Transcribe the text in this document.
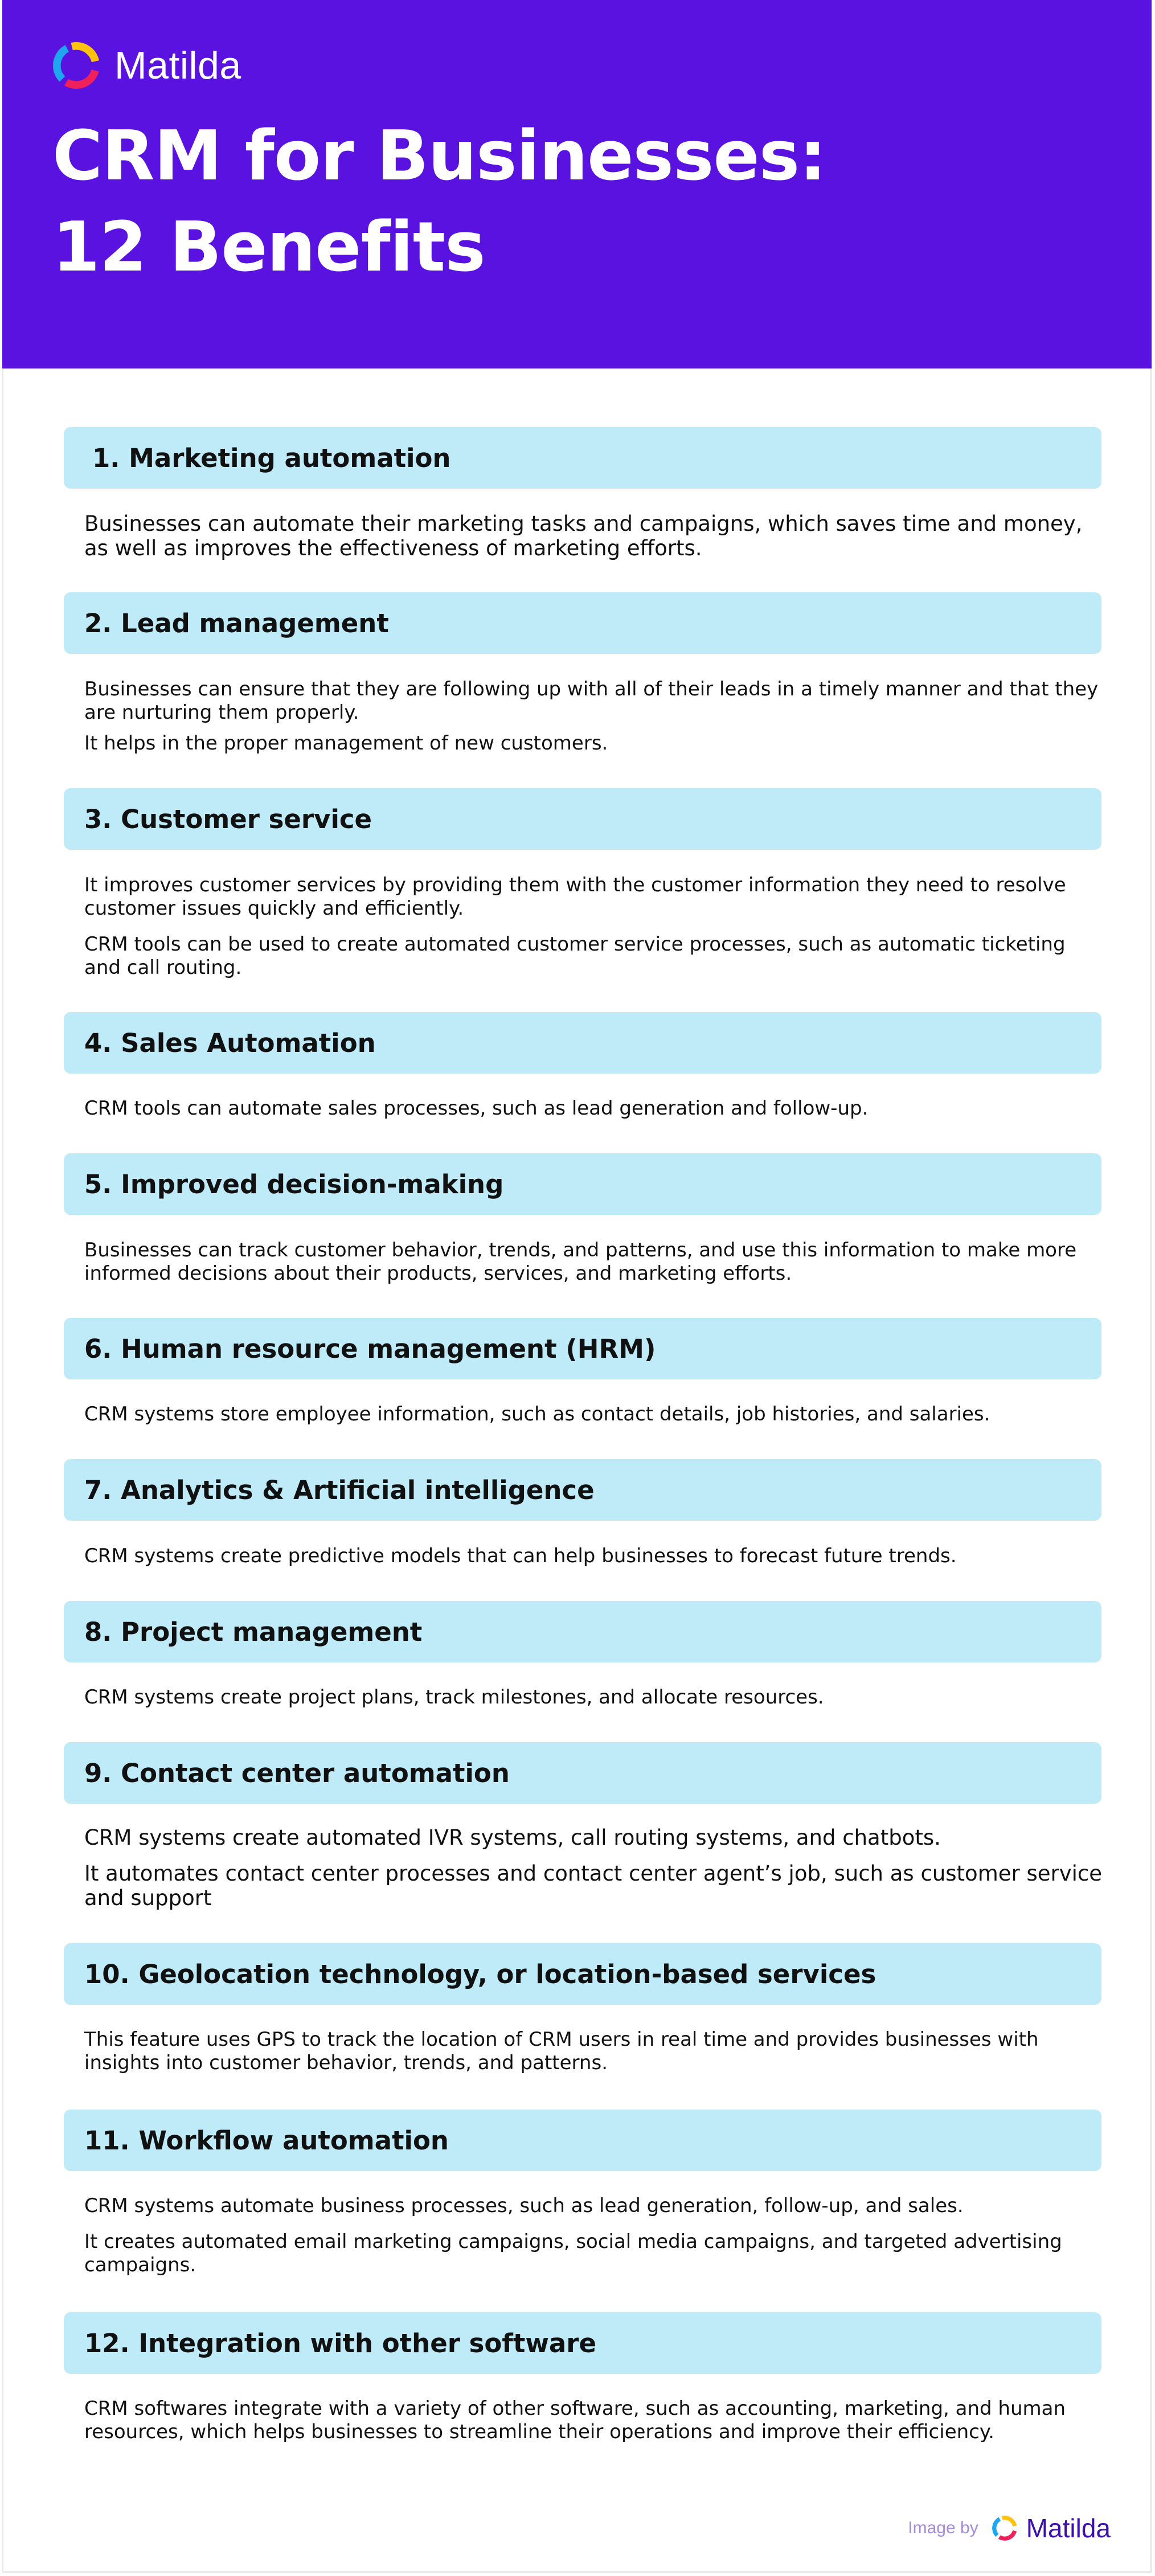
Matilda
CRM for Businesses:
12 Benefits
1. Marketing automation

Businesses can automate their marketing tasks and campaigns, which saves time and money, as well as improves the effectiveness of marketing efforts.

2. Lead management

Businesses can ensure that they are following up with all of their leads in a timely manner and that they are nurturing them properly.

It helps in the proper management of new customers.

3. Customer service

It improves customer services by providing them with the customer information they need to resolve customer issues quickly and efficiently.

CRM tools can be used to create automated customer service processes, such as automatic ticketing and call routing.

4. Sales Automation

CRM tools can automate sales processes, such as lead generation and follow-up.

5. Improved decision-making

Businesses can track customer behavior, trends, and patterns, and use this information to make more informed decisions about their products, services, and marketing efforts.

6. Human resource management (HRM)

CRM systems store employee information, such as contact details, job histories, and salaries.

7. Analytics & Artificial intelligence

CRM systems create predictive models that can help businesses to forecast future trends.

8. Project management

CRM systems create project plans, track milestones, and allocate resources.

9. Contact center automation

CRM systems create automated IVR systems, call routing systems, and chatbots.

It automates contact center processes and contact center agent’s job, such as customer service and support

10. Geolocation technology, or location-based services

This feature uses GPS to track the location of CRM users in real time and provides businesses with insights into customer behavior, trends, and patterns.

11. Workflow automation

CRM systems automate business processes, such as lead generation, follow-up, and sales.

It creates automated email marketing campaigns, social media campaigns, and targeted advertising campaigns.

12. Integration with other software

CRM softwares integrate with a variety of other software, such as accounting, marketing, and human resources, which helps businesses to streamline their operations and improve their efficiency.

Image by Matilda
